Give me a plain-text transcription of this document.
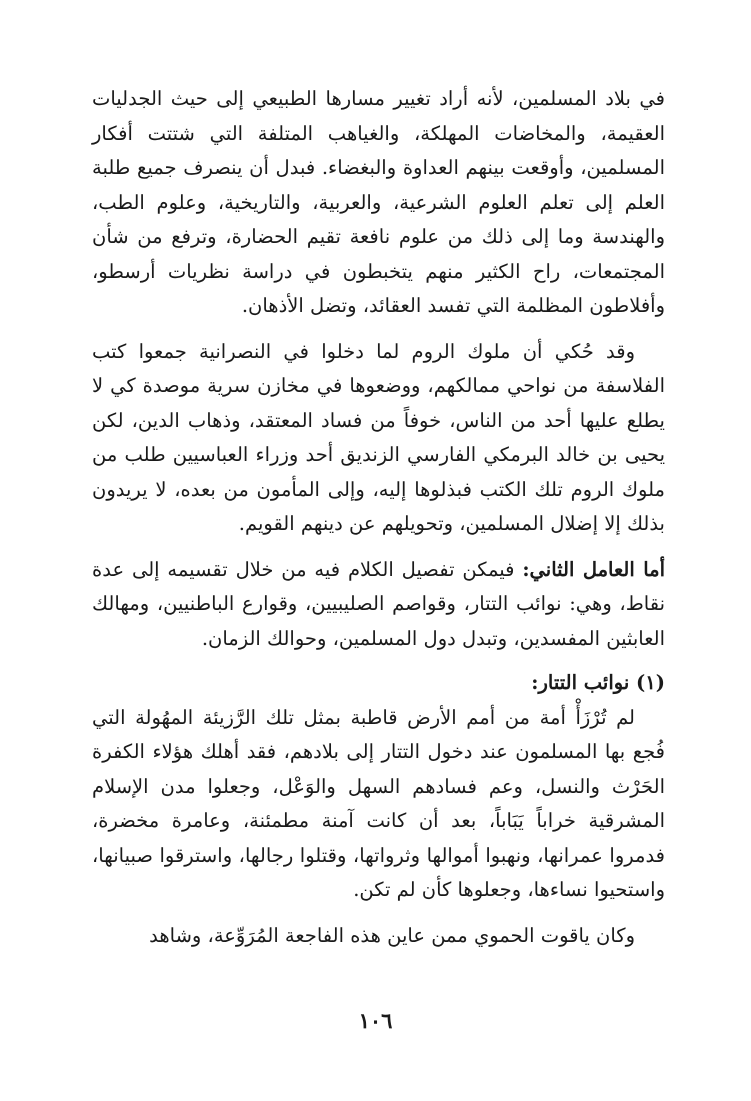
في بلاد المسلمين، لأنه أراد تغيير مسارها الطبيعي إلى حيث الجدليات العقيمة، والمخاضات المهلكة، والغياهب المتلفة التي شتتت أفكار المسلمين، وأوقعت بينهم العداوة والبغضاء. فبدل أن ينصرف جميع طلبة العلم إلى تعلم العلوم الشرعية، والعربية، والتاريخية، وعلوم الطب، والهندسة وما إلى ذلك من علوم نافعة تقيم الحضارة، وترفع من شأن المجتمعات، راح الكثير منهم يتخبطون في دراسة نظريات أرسطو، وأفلاطون المظلمة التي تفسد العقائد، وتضل الأذهان.

وقد حُكي أن ملوك الروم لما دخلوا في النصرانية جمعوا كتب الفلاسفة من نواحي ممالكهم، ووضعوها في مخازن سرية موصدة كي لا يطلع عليها أحد من الناس، خوفاً من فساد المعتقد، وذهاب الدين، لكن يحيى بن خالد البرمكي الفارسي الزنديق أحد وزراء العباسيين طلب من ملوك الروم تلك الكتب فبذلوها إليه، وإلى المأمون من بعده، لا يريدون بذلك إلا إضلال المسلمين، وتحويلهم عن دينهم القويم.

أما العامل الثاني: فيمكن تفصيل الكلام فيه من خلال تقسيمه إلى عدة نقاط، وهي: نوائب التتار، وقواصم الصليبيين، وقوارع الباطنيين، ومهالك العابثين المفسدين، وتبدل دول المسلمين، وحوالك الزمان.

(١) نوائب التتار:

لم تُرْزَأْ أمة من أمم الأرض قاطبة بمثل تلك الرَّزيئة المهُولة التي فُجع بها المسلمون عند دخول التتار إلى بلادهم، فقد أهلك هؤلاء الكفرة الحَرْث والنسل، وعم فسادهم السهل والوَعْل، وجعلوا مدن الإسلام المشرقية خراباً يَبَاباً، بعد أن كانت آمنة مطمئنة، وعامرة مخضرة، فدمروا عمرانها، ونهبوا أموالها وثرواتها، وقتلوا رجالها، واسترقوا صبيانها، واستحيوا نساءها، وجعلوها كأن لم تكن.

وكان ياقوت الحموي ممن عاين هذه الفاجعة المُرَوِّعة، وشاهد

١٠٦
